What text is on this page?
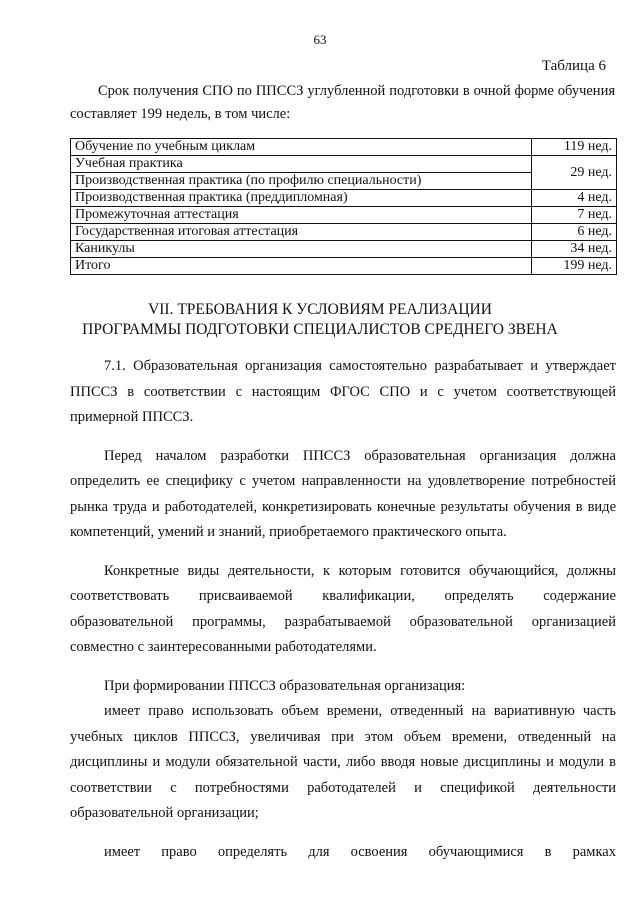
63
Таблица 6
Срок получения СПО по ППССЗ углубленной подготовки в очной форме обучения составляет 199 недель, в том числе:
Обучение по учебным циклам	119 нед.

Учебная практика
Производственная практика (по профилю специальности)	29 нед.
Производственная практика (преддипломная)	4 нед.
Промежуточная аттестация	7 нед.
Государственная итоговая аттестация	6 нед.
Каникулы	34 нед.
Итого	199 нед.
VII. ТРЕБОВАНИЯ К УСЛОВИЯМ РЕАЛИЗАЦИИ
ПРОГРАММЫ ПОДГОТОВКИ СПЕЦИАЛИСТОВ СРЕДНЕГО ЗВЕНА

7.1. Образовательная организация самостоятельно разрабатывает и утверждает ППССЗ в соответствии с настоящим ФГОС СПО и с учетом соответствующей примерной ППССЗ.

Перед началом разработки ППССЗ образовательная организация должна определить ее специфику с учетом направленности на удовлетворение потребностей рынка труда и работодателей, конкретизировать конечные результаты обучения в виде компетенций, умений и знаний, приобретаемого практического опыта.

Конкретные виды деятельности, к которым готовится обучающийся, должны соответствовать присваиваемой квалификации, определять содержание образовательной программы, разрабатываемой образовательной организацией совместно с заинтересованными работодателями.

При формировании ППССЗ образовательная организация:

имеет право использовать объем времени, отведенный на вариативную часть учебных циклов ППССЗ, увеличивая при этом объем времени, отведенный на дисциплины и модули обязательной части, либо вводя новые дисциплины и модули в соответствии с потребностями работодателей и спецификой деятельности образовательной организации;

имеет право определять для освоения обучающимися в рамках
